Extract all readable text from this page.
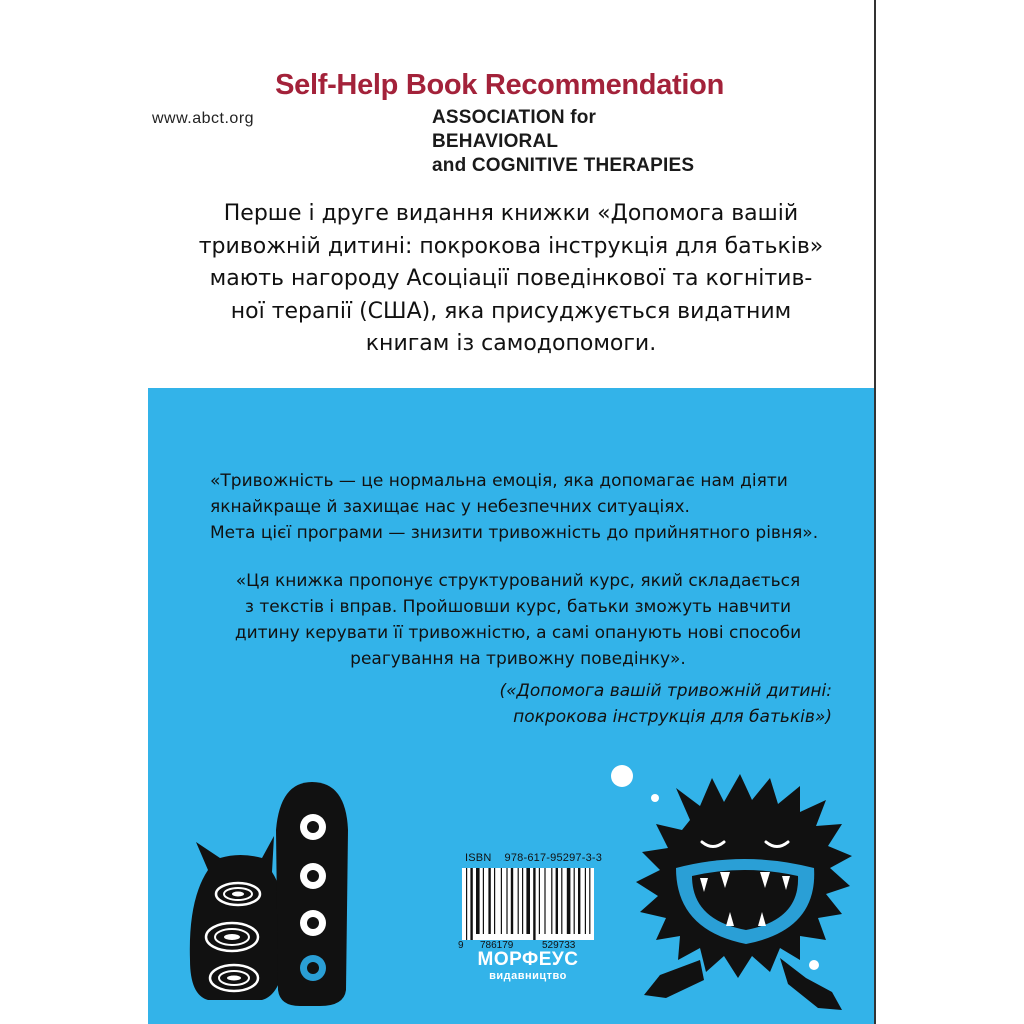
Self-Help Book Recommendation
www.abct.org	ASSOCIATION for BEHAVIORAL
and COGNITIVE THERAPIES
Перше і друге видання книжки «Допомога вашій
тривожній дитині: покрокова інструкція для батьків»
мають нагороду Асоціації поведінкової та когнітив-
ної терапії (США), яка присуджується видатним
книгам із самодопомоги.
«Тривожність — це нормальна емоція, яка допомагає нам діяти
якнайкраще й захищає нас у небезпечних ситуаціях.
Мета цієї програми — знизити тривожність до прийнятного рівня».
«Ця книжка пропонує структурований курс, який складається
з текстів і вправ. Пройшовши курс, батьки зможуть навчити
дитину керувати її тривожністю, а самі опанують нові способи
реагування на тривожну поведінку».
(«Допомога вашій тривожній дитині:
покрокова інструкція для батьків»)
ISBN 978-617-95297-3-3
9 786179	529733
МОРФЕУС
видавництво
